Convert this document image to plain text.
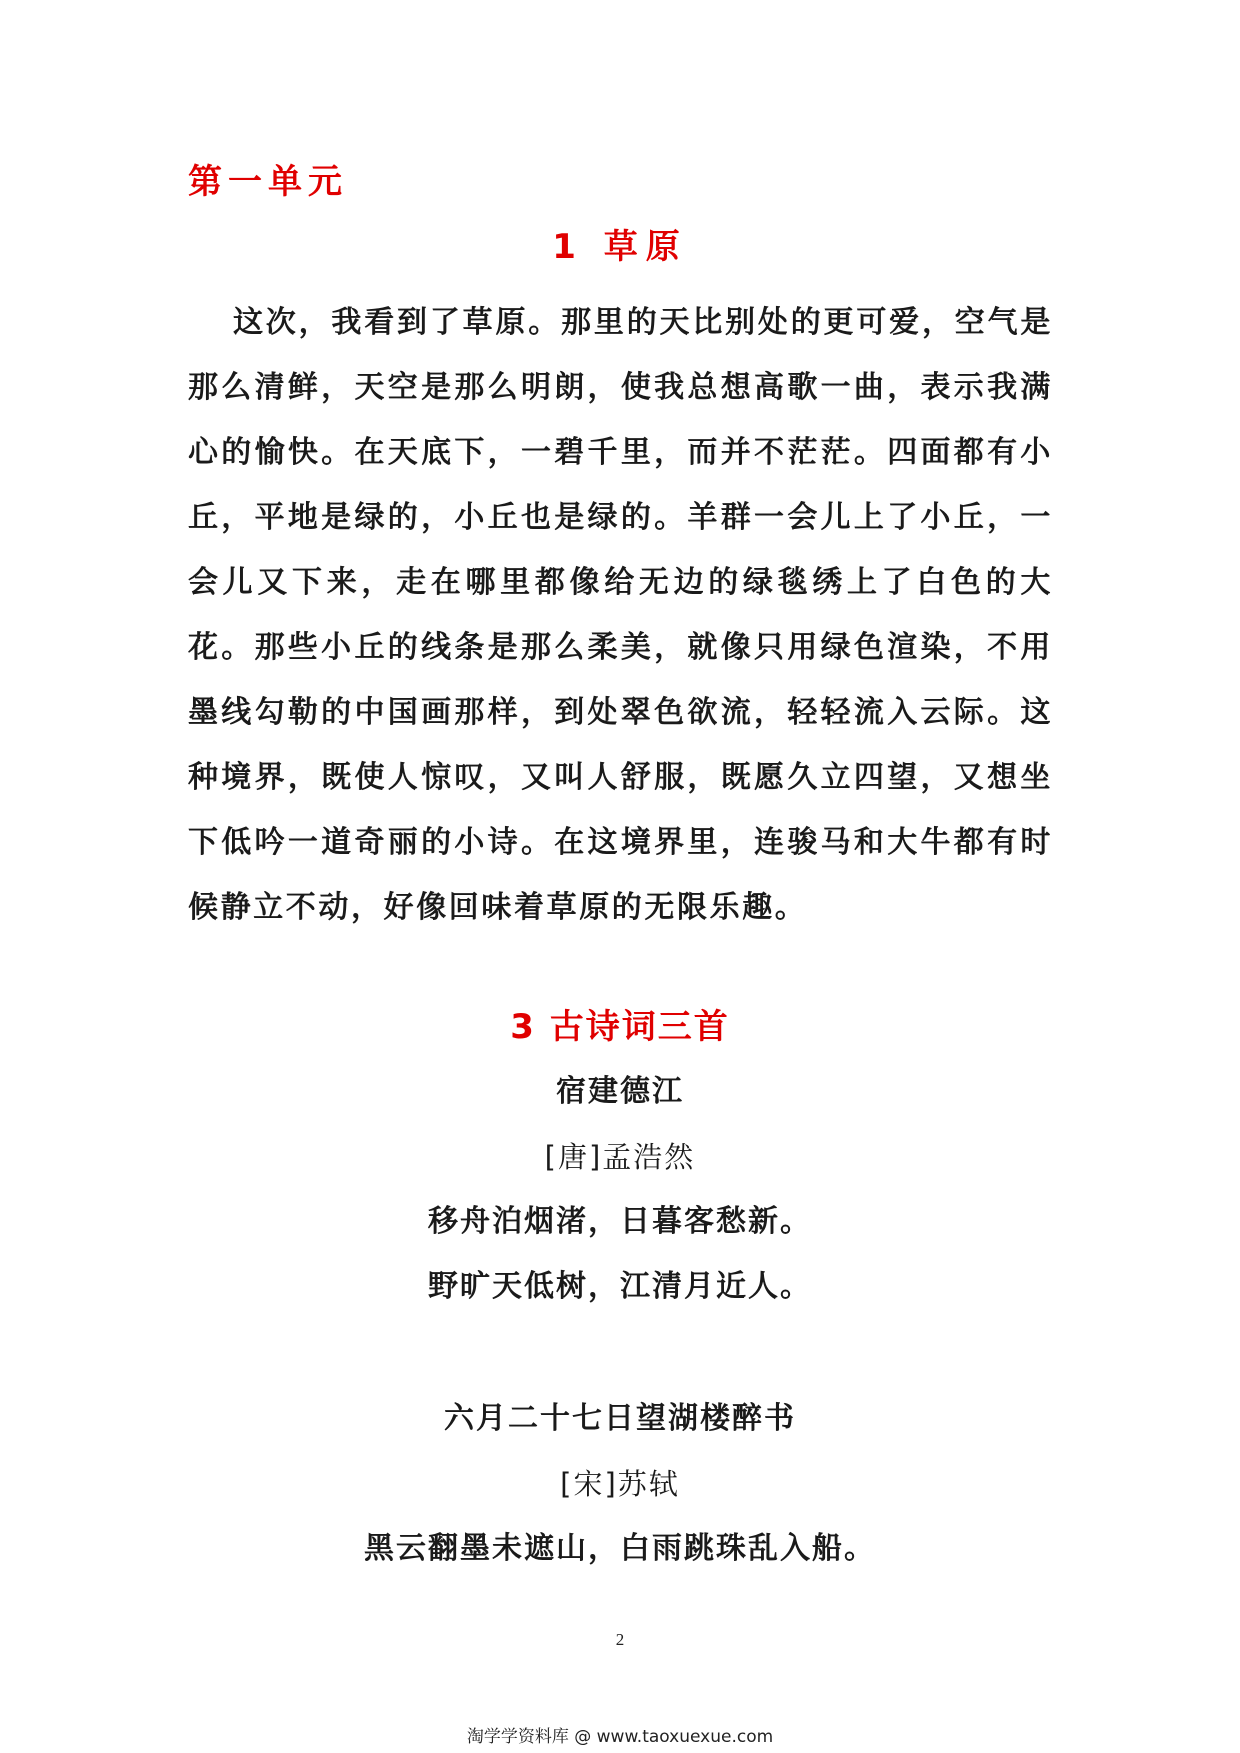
第一单元
1 草原

这次，我看到了草原。那里的天比别处的更可爱，空气是那么清鲜，天空是那么明朗，使我总想高歌一曲，表示我满心的愉快。在天底下，一碧千里，而并不茫茫。四面都有小丘，平地是绿的，小丘也是绿的。羊群一会儿上了小丘，一会儿又下来，走在哪里都像给无边的绿毯绣上了白色的大花。那些小丘的线条是那么柔美，就像只用绿色渲染，不用墨线勾勒的中国画那样，到处翠色欲流，轻轻流入云际。这种境界，既使人惊叹，又叫人舒服，既愿久立四望，又想坐下低吟一道奇丽的小诗。在这境界里，连骏马和大牛都有时候静立不动，好像回味着草原的无限乐趣。

3 古诗词三首
宿建德江
[唐]孟浩然
移舟泊烟渚，日暮客愁新。
野旷天低树，江清月近人。
六月二十七日望湖楼醉书
[宋]苏轼
黑云翻墨未遮山，白雨跳珠乱入船。
2
淘学学资料库 @ www.taoxuexue.com
